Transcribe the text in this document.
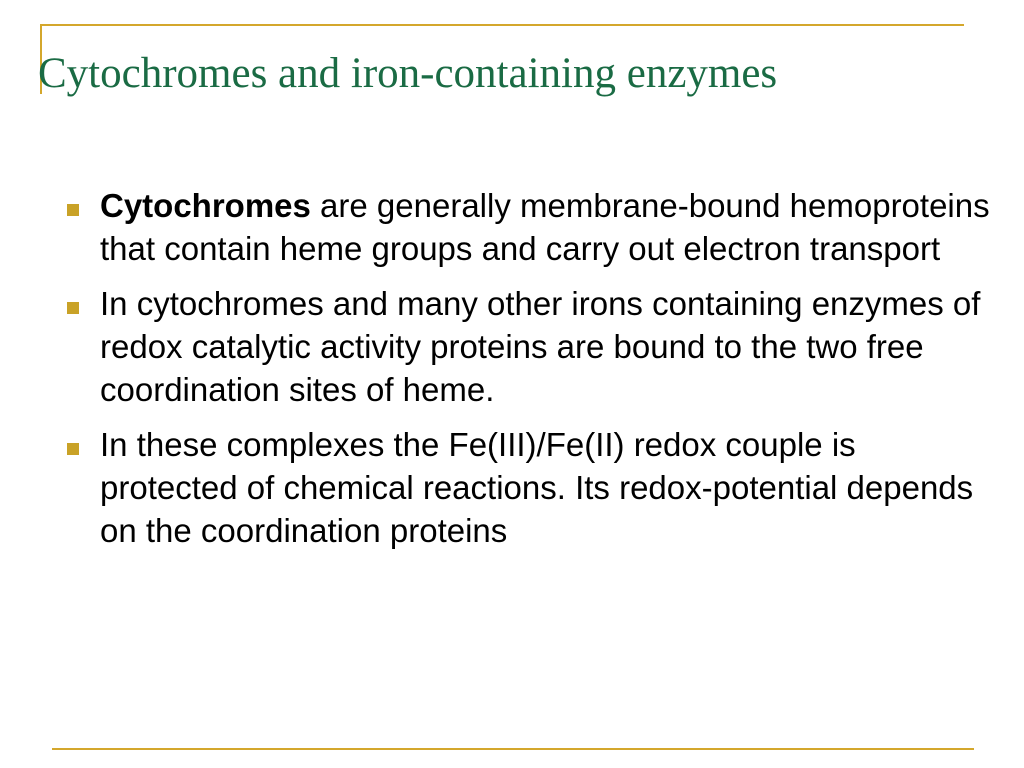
Cytochromes and iron-containing enzymes
Cytochromes are generally membrane-bound hemoproteins that contain heme groups and carry out electron transport
In cytochromes and many other irons containing enzymes of redox catalytic activity proteins are bound to the two free coordination sites of heme.
In these complexes the Fe(III)/Fe(II) redox couple is protected of chemical reactions. Its redox-potential depends on the coordination proteins
